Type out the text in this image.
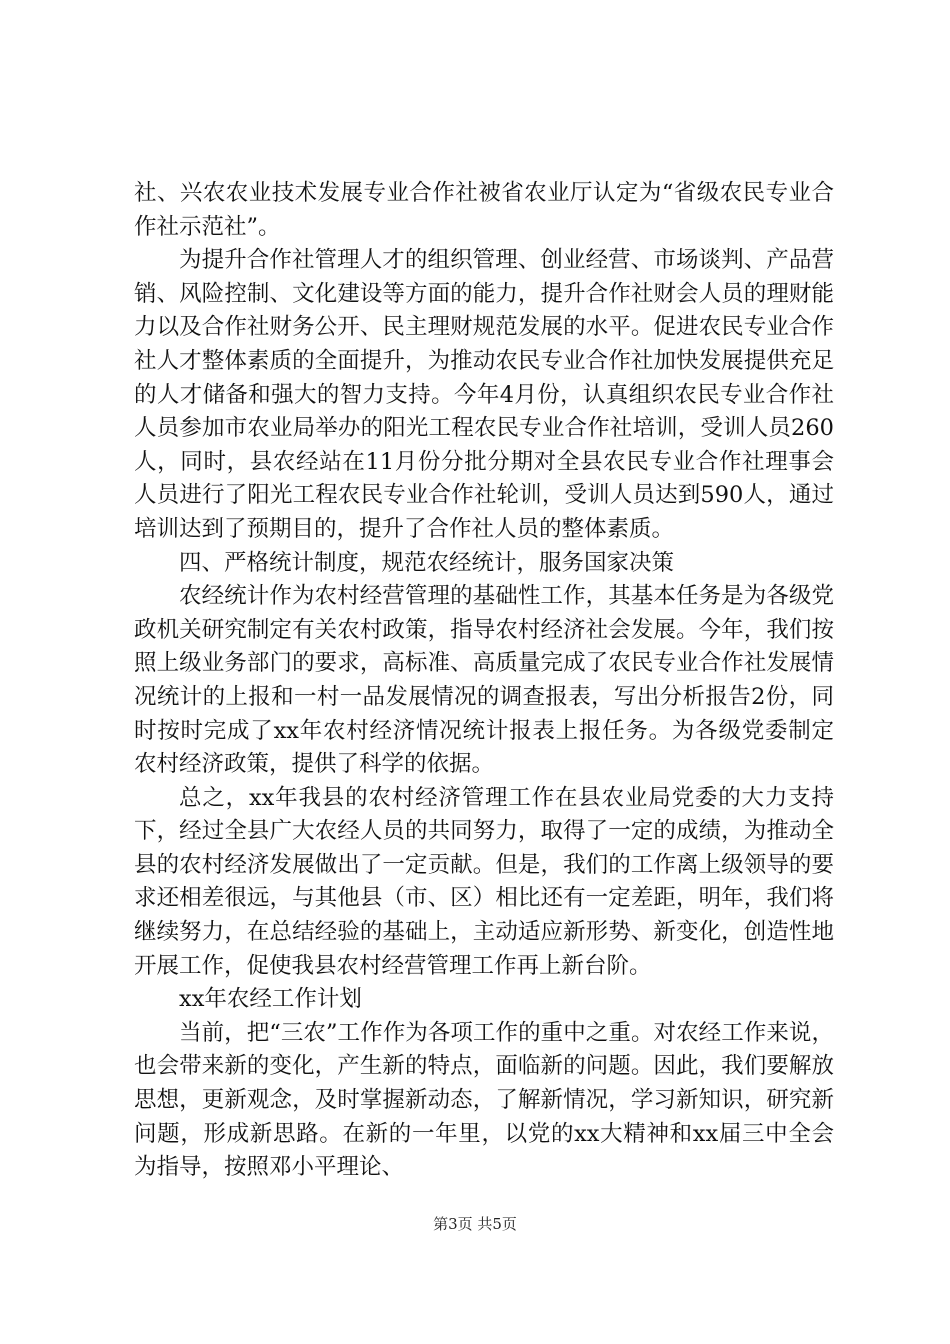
社、兴农农业技术发展专业合作社被省农业厅认定为“省级农民专业合作社示范社”。

为提升合作社管理人才的组织管理、创业经营、市场谈判、产品营销、风险控制、文化建设等方面的能力，提升合作社财会人员的理财能力以及合作社财务公开、民主理财规范发展的水平。促进农民专业合作社人才整体素质的全面提升，为推动农民专业合作社加快发展提供充足的人才储备和强大的智力支持。今年4月份，认真组织农民专业合作社人员参加市农业局举办的阳光工程农民专业合作社培训，受训人员260人，同时，县农经站在11月份分批分期对全县农民专业合作社理事会人员进行了阳光工程农民专业合作社轮训，受训人员达到590人，通过培训达到了预期目的，提升了合作社人员的整体素质。

四、严格统计制度，规范农经统计，服务国家决策

农经统计作为农村经营管理的基础性工作，其基本任务是为各级党政机关研究制定有关农村政策，指导农村经济社会发展。今年，我们按照上级业务部门的要求，高标准、高质量完成了农民专业合作社发展情况统计的上报和一村一品发展情况的调查报表，写出分析报告2份，同时按时完成了xx年农村经济情况统计报表上报任务。为各级党委制定农村经济政策，提供了科学的依据。

总之，xx年我县的农村经济管理工作在县农业局党委的大力支持下，经过全县广大农经人员的共同努力，取得了一定的成绩，为推动全县的农村经济发展做出了一定贡献。但是，我们的工作离上级领导的要求还相差很远，与其他县（市、区）相比还有一定差距，明年，我们将继续努力，在总结经验的基础上，主动适应新形势、新变化，创造性地开展工作，促使我县农村经营管理工作再上新台阶。

xx年农经工作计划

当前，把“三农”工作作为各项工作的重中之重。对农经工作来说，也会带来新的变化，产生新的特点，面临新的问题。因此，我们要解放思想，更新观念，及时掌握新动态，了解新情况，学习新知识，研究新问题，形成新思路。在新的一年里，以党的xx大精神和xx届三中全会为指导，按照邓小平理论、

第3页 共5页
